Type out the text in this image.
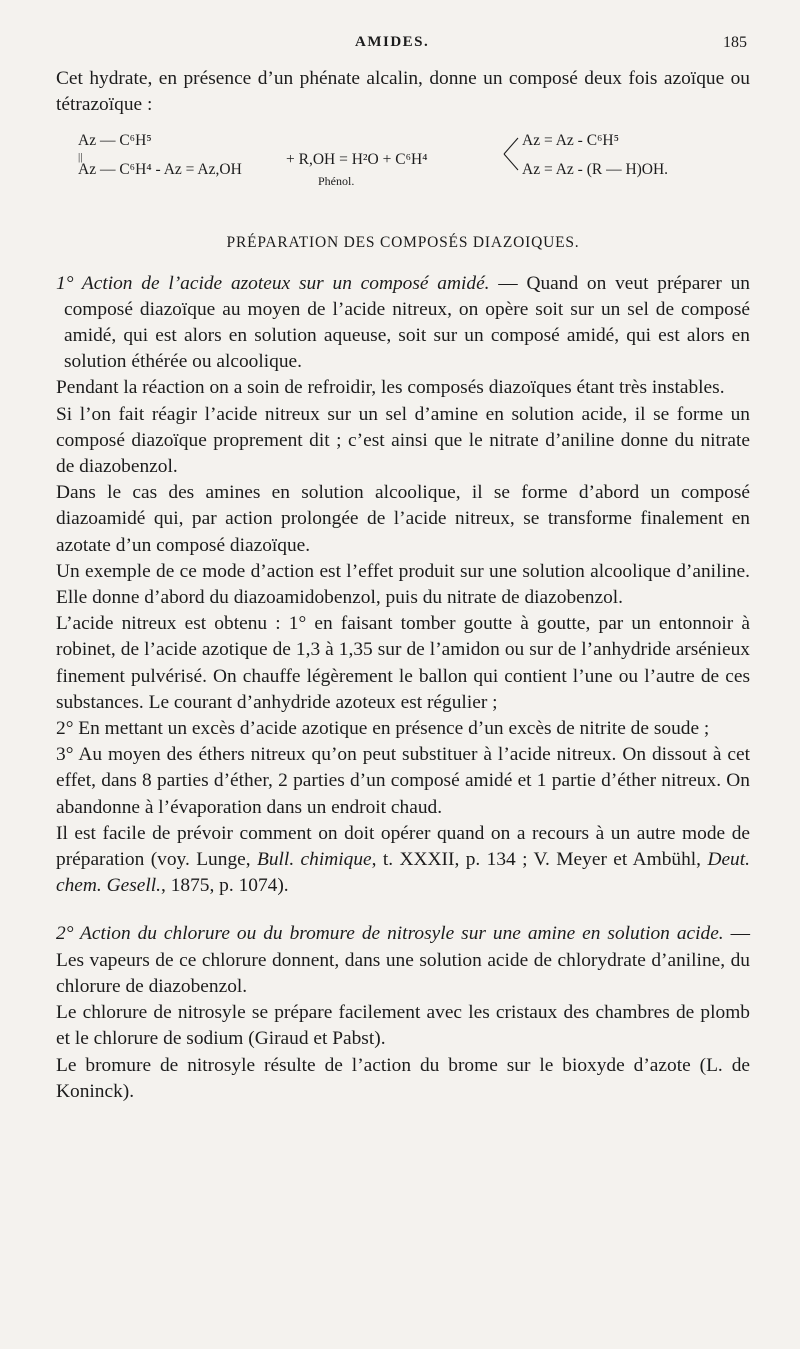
AMIDES.	185

Cet hydrate, en présence d’un phénate alcalin, donne un composé deux fois azoïque ou tétrazoïque :

Az — C⁶H⁵
||
Az — C⁶H⁴ - Az = Az,OH
+ R,OH = H²O + C⁶H⁴
Phénol.
Az = Az - C⁶H⁵
Az = Az - (R — H)OH.
PRÉPARATION DES COMPOSÉS DIAZOIQUES.

1° Action de l’acide azoteux sur un composé amidé. — Quand on veut préparer un composé diazoïque au moyen de l’acide nitreux, on opère soit sur un sel de composé amidé, qui est alors en solution aqueuse, soit sur un composé amidé, qui est alors en solution éthérée ou alcoolique.

Pendant la réaction on a soin de refroidir, les composés diazoïques étant très instables.

Si l’on fait réagir l’acide nitreux sur un sel d’amine en solution acide, il se forme un composé diazoïque proprement dit ; c’est ainsi que le nitrate d’aniline donne du nitrate de diazobenzol.

Dans le cas des amines en solution alcoolique, il se forme d’abord un composé diazoamidé qui, par action prolongée de l’acide nitreux, se transforme finalement en azotate d’un composé diazoïque.

Un exemple de ce mode d’action est l’effet produit sur une solution alcoolique d’aniline. Elle donne d’abord du diazoamidobenzol, puis du nitrate de diazobenzol.

L’acide nitreux est obtenu : 1° en faisant tomber goutte à goutte, par un entonnoir à robinet, de l’acide azotique de 1,3 à 1,35 sur de l’amidon ou sur de l’anhydride arsénieux finement pulvérisé. On chauffe légèrement le ballon qui contient l’une ou l’autre de ces substances. Le courant d’anhydride azoteux est régulier ;

2° En mettant un excès d’acide azotique en présence d’un excès de nitrite de soude ;

3° Au moyen des éthers nitreux qu’on peut substituer à l’acide nitreux. On dissout à cet effet, dans 8 parties d’éther, 2 parties d’un composé amidé et 1 partie d’éther nitreux. On abandonne à l’évaporation dans un endroit chaud.

Il est facile de prévoir comment on doit opérer quand on a recours à un autre mode de préparation (voy. Lunge, Bull. chimique, t. XXXII, p. 134 ; V. Meyer et Ambühl, Deut. chem. Gesell., 1875, p. 1074).

2° Action du chlorure ou du bromure de nitrosyle sur une amine en solution acide. — Les vapeurs de ce chlorure donnent, dans une solution acide de chlorydrate d’aniline, du chlorure de diazobenzol.

Le chlorure de nitrosyle se prépare facilement avec les cristaux des chambres de plomb et le chlorure de sodium (Giraud et Pabst).

Le bromure de nitrosyle résulte de l’action du brome sur le bioxyde d’azote (L. de Koninck).
